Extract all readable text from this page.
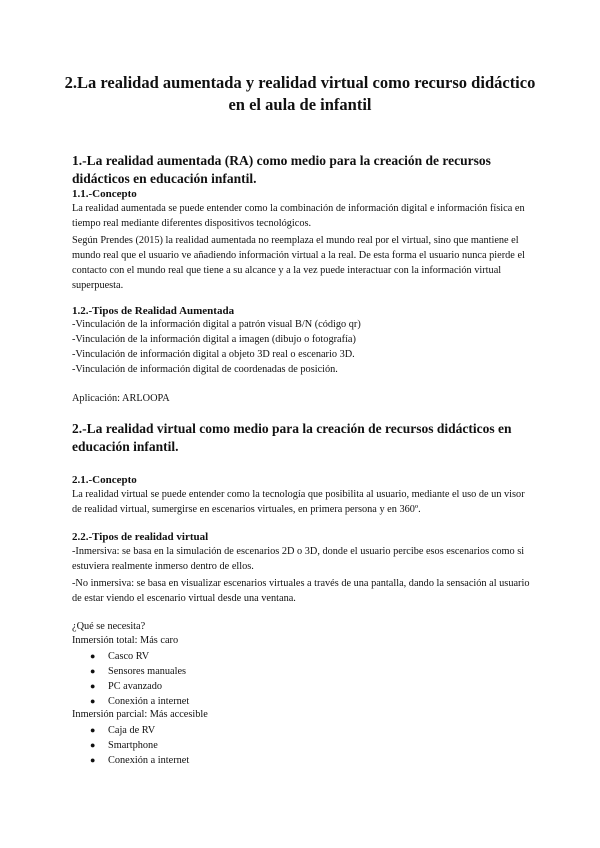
2.La realidad aumentada y realidad virtual como recurso didáctico en el aula de infantil
1.-La realidad aumentada (RA) como medio para la creación de recursos didácticos en educación infantil.
1.1.-Concepto

La realidad aumentada se puede entender como la combinación de información digital e información física en tiempo real mediante diferentes dispositivos tecnológicos.

Según Prendes (2015) la realidad aumentada no reemplaza el mundo real por el virtual, sino que mantiene el mundo real que el usuario ve añadiendo información virtual a la real. De esta forma el usuario nunca pierde el contacto con el mundo real que tiene a su alcance y a la vez puede interactuar con la información virtual superpuesta.

1.2.-Tipos de Realidad Aumentada

-Vinculación de la información digital a patrón visual B/N (código qr)

-Vinculación de la información digital a imagen (dibujo o fotografía)

-Vinculación de información digital a objeto 3D real o escenario 3D.

-Vinculación de información digital de coordenadas de posición.

Aplicación: ARLOOPA

2.-La realidad virtual como medio para la creación de recursos didácticos en educación infantil.
2.1.-Concepto

La realidad virtual se puede entender como la tecnología que posibilita al usuario, mediante el uso de un visor de realidad virtual, sumergirse en escenarios virtuales, en primera persona y en 360º.

2.2.-Tipos de realidad virtual

-Inmersiva: se basa en la simulación de escenarios 2D o 3D, donde el usuario percibe esos escenarios como si estuviera realmente inmerso dentro de ellos.

-No inmersiva: se basa en visualizar escenarios virtuales a través de una pantalla, dando la sensación al usuario de estar viendo el escenario virtual desde una ventana.

¿Qué se necesita?

Inmersión total: Más caro

● Casco RV

● Sensores manuales

● PC avanzado

● Conexión a internet

Inmersión parcial: Más accesible

● Caja de RV

● Smartphone

● Conexión a internet
